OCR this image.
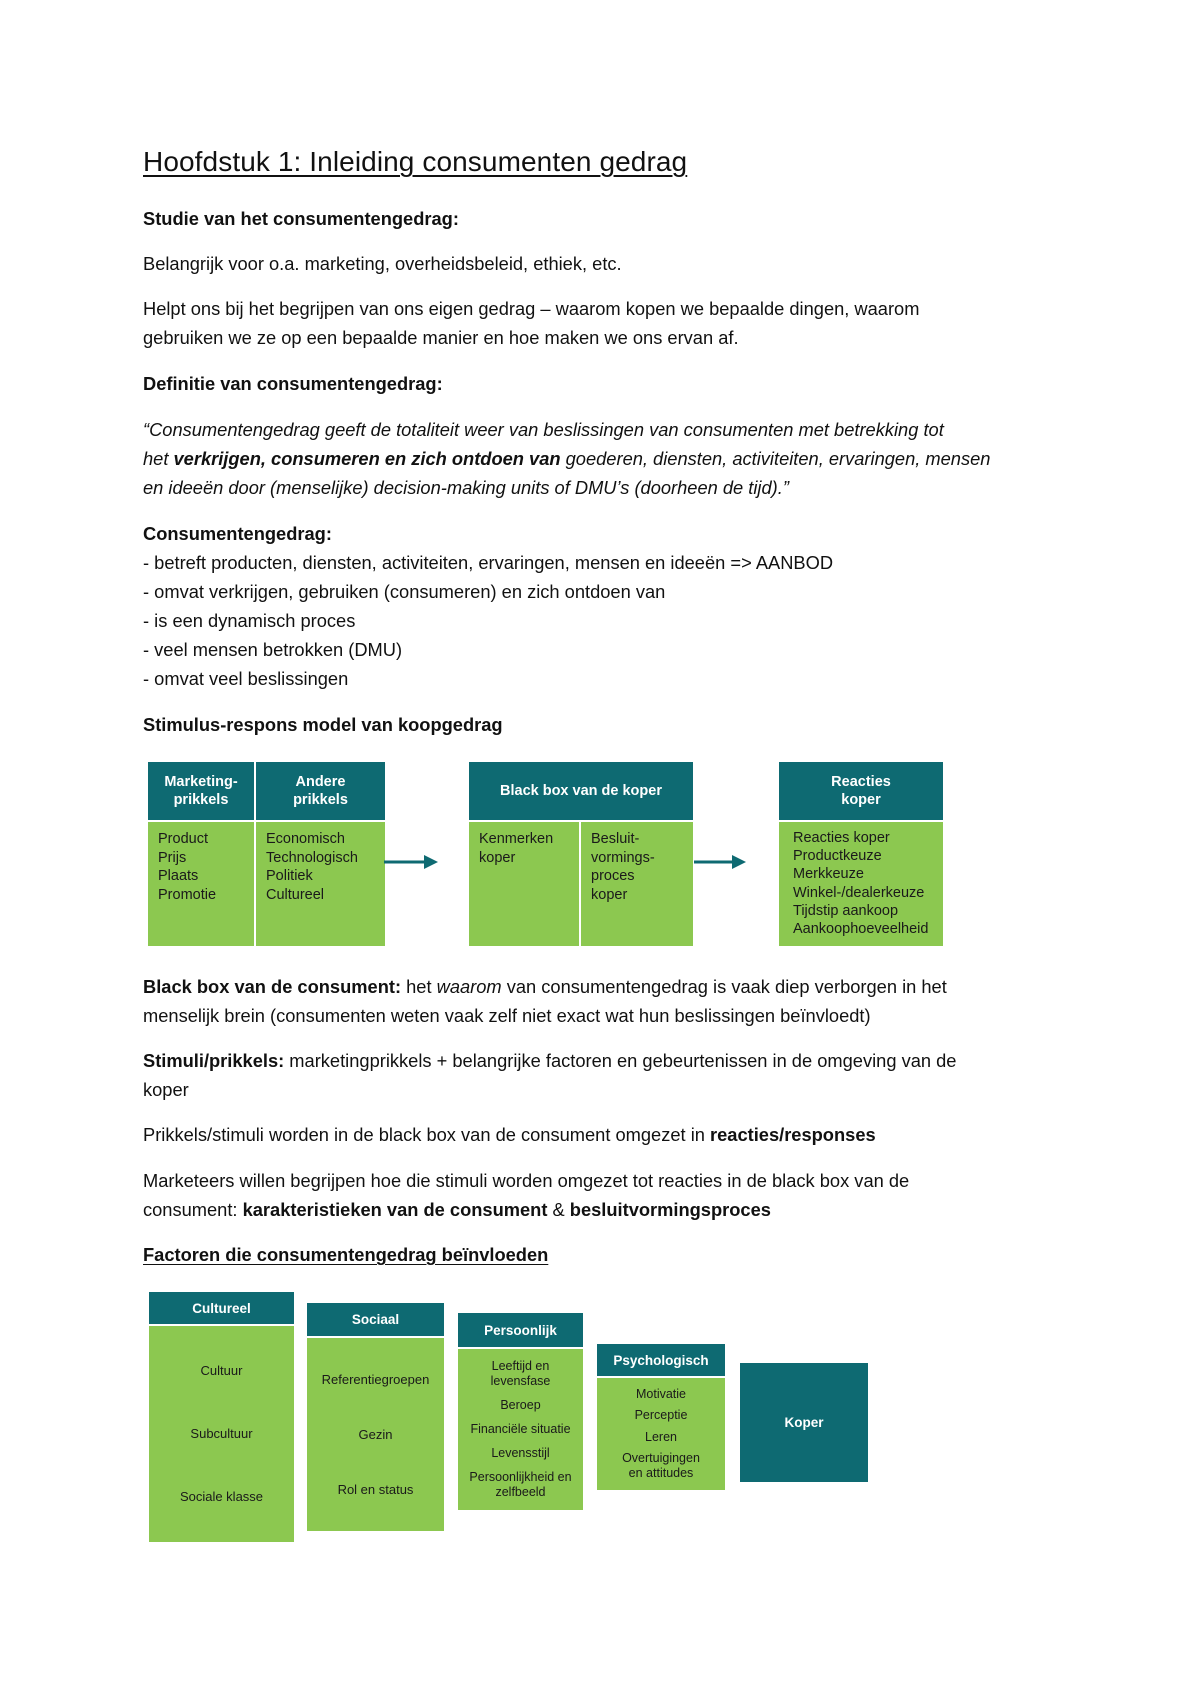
Hoofdstuk 1: Inleiding consumenten gedrag

Studie van het consumentengedrag:

Belangrijk voor o.a. marketing, overheidsbeleid, ethiek, etc.

Helpt ons bij het begrijpen van ons eigen gedrag – waarom kopen we bepaalde dingen, waarom

gebruiken we ze op een bepaalde manier en hoe maken we ons ervan af.

Definitie van consumentengedrag:

“Consumentengedrag geeft de totaliteit weer van beslissingen van consumenten met betrekking tot

het verkrijgen, consumeren en zich ontdoen van goederen, diensten, activiteiten, ervaringen, mensen

en ideeën door (menselijke) decision-making units of DMU’s (doorheen de tijd).”

Consumentengedrag:

- betreft producten, diensten, activiteiten, ervaringen, mensen en ideeën => AANBOD

- omvat verkrijgen, gebruiken (consumeren) en zich ontdoen van

- is een dynamisch proces

- veel mensen betrokken (DMU)

- omvat veel beslissingen

Stimulus-respons model van koopgedrag

Marketing-
prikkels
Product
Prijs
Plaats
Promotie
Andere
prikkels
Economisch
Technologisch
Politiek
Cultureel
Black box van de koper
Kenmerken
koper
Besluit-
vormings-
proces
koper
Reacties
koper
Reacties koper
Productkeuze
Merkkeuze
Winkel-/dealerkeuze
Tijdstip aankoop
Aankoophoeveelheid

Black box van de consument: het waarom van consumentengedrag is vaak diep verborgen in het

menselijk brein (consumenten weten vaak zelf niet exact wat hun beslissingen beïnvloedt)

Stimuli/prikkels: marketingprikkels + belangrijke factoren en gebeurtenissen in de omgeving van de

koper

Prikkels/stimuli worden in de black box van de consument omgezet in reacties/responses

Marketeers willen begrijpen hoe die stimuli worden omgezet tot reacties in de black box van de

consument: karakteristieken van de consument & besluitvormingsproces

Factoren die consumentengedrag beïnvloeden

Cultureel
Cultuur
Subcultuur
Sociale klasse
Sociaal
Referentiegroepen
Gezin
Rol en status
Persoonlijk
Leeftijd en
levensfase
Beroep
Financiële situatie
Levensstijl
Persoonlijkheid en
zelfbeeld
Psychologisch
Motivatie
Perceptie
Leren
Overtuigingen
en attitudes
Koper
